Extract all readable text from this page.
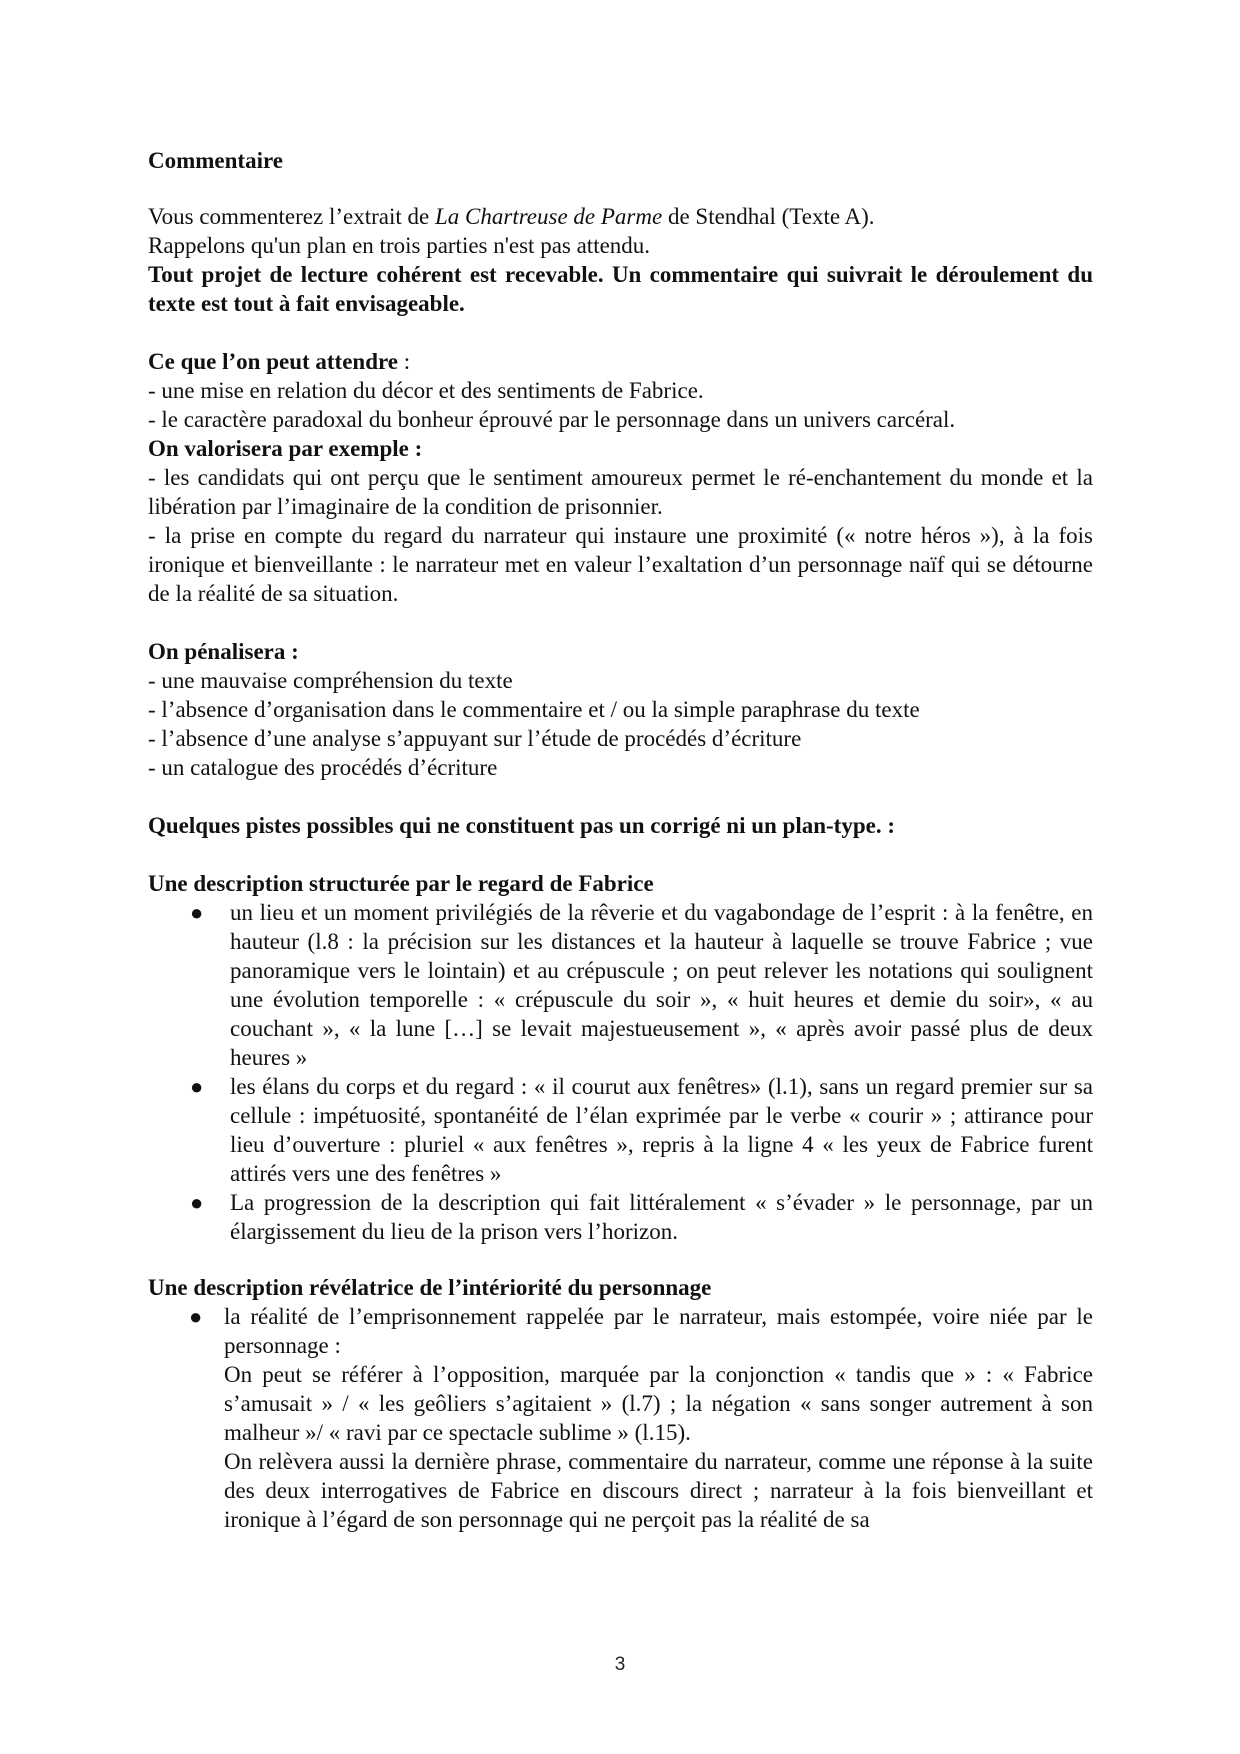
Commentaire

Vous commenterez l’extrait de La Chartreuse de Parme de Stendhal (Texte A).

Rappelons qu'un plan en trois parties n'est pas attendu.

Tout projet de lecture cohérent est recevable. Un commentaire qui suivrait le déroulement du texte est tout à fait envisageable.

Ce que l’on peut attendre :

- une mise en relation du décor et des sentiments de Fabrice.

- le caractère paradoxal du bonheur éprouvé par le personnage dans un univers carcéral.

On valorisera par exemple :

- les candidats qui ont perçu que le sentiment amoureux permet le ré-enchantement du monde et la libération par l’imaginaire de la condition de prisonnier.

- la prise en compte du regard du narrateur qui instaure une proximité (« notre héros »), à la fois ironique et bienveillante : le narrateur met en valeur l’exaltation d’un personnage naïf qui se détourne de la réalité de sa situation.

On pénalisera :

- une mauvaise compréhension du texte

- l’absence d’organisation dans le commentaire et / ou la simple paraphrase du texte

- l’absence d’une analyse s’appuyant sur l’étude de procédés d’écriture

- un catalogue des procédés d’écriture

Quelques pistes possibles qui ne constituent pas un corrigé ni un plan-type. :

Une description structurée par le regard de Fabrice

● un lieu et un moment privilégiés de la rêverie et du vagabondage de l’esprit : à la fenêtre, en hauteur (l.8 : la précision sur les distances et la hauteur à laquelle se trouve Fabrice ; vue panoramique vers le lointain) et au crépuscule ; on peut relever les notations qui soulignent une évolution temporelle : « crépuscule du soir », « huit heures et demie du soir», « au couchant », « la lune […] se levait majestueusement », « après avoir passé plus de deux heures »
● les élans du corps et du regard : « il courut aux fenêtres» (l.1), sans un regard premier sur sa cellule : impétuosité, spontanéité de l’élan exprimée par le verbe « courir » ; attirance pour lieu d’ouverture : pluriel « aux fenêtres », repris à la ligne 4 « les yeux de Fabrice furent attirés vers une des fenêtres »
● La progression de la description qui fait littéralement « s’évader » le personnage, par un élargissement du lieu de la prison vers l’horizon.

Une description révélatrice de l’intériorité du personnage

● la réalité de l’emprisonnement rappelée par le narrateur, mais estompée, voire niée par le personnage :

On peut se référer à l’opposition, marquée par la conjonction « tandis que » : « Fabrice s’amusait » / « les geôliers s’agitaient » (l.7) ; la négation « sans songer autrement à son malheur »/ « ravi par ce spectacle sublime » (l.15).

On relèvera aussi la dernière phrase, commentaire du narrateur, comme une réponse à la suite des deux interrogatives de Fabrice en discours direct ; narrateur à la fois bienveillant et ironique à l’égard de son personnage qui ne perçoit pas la réalité de sa

3
